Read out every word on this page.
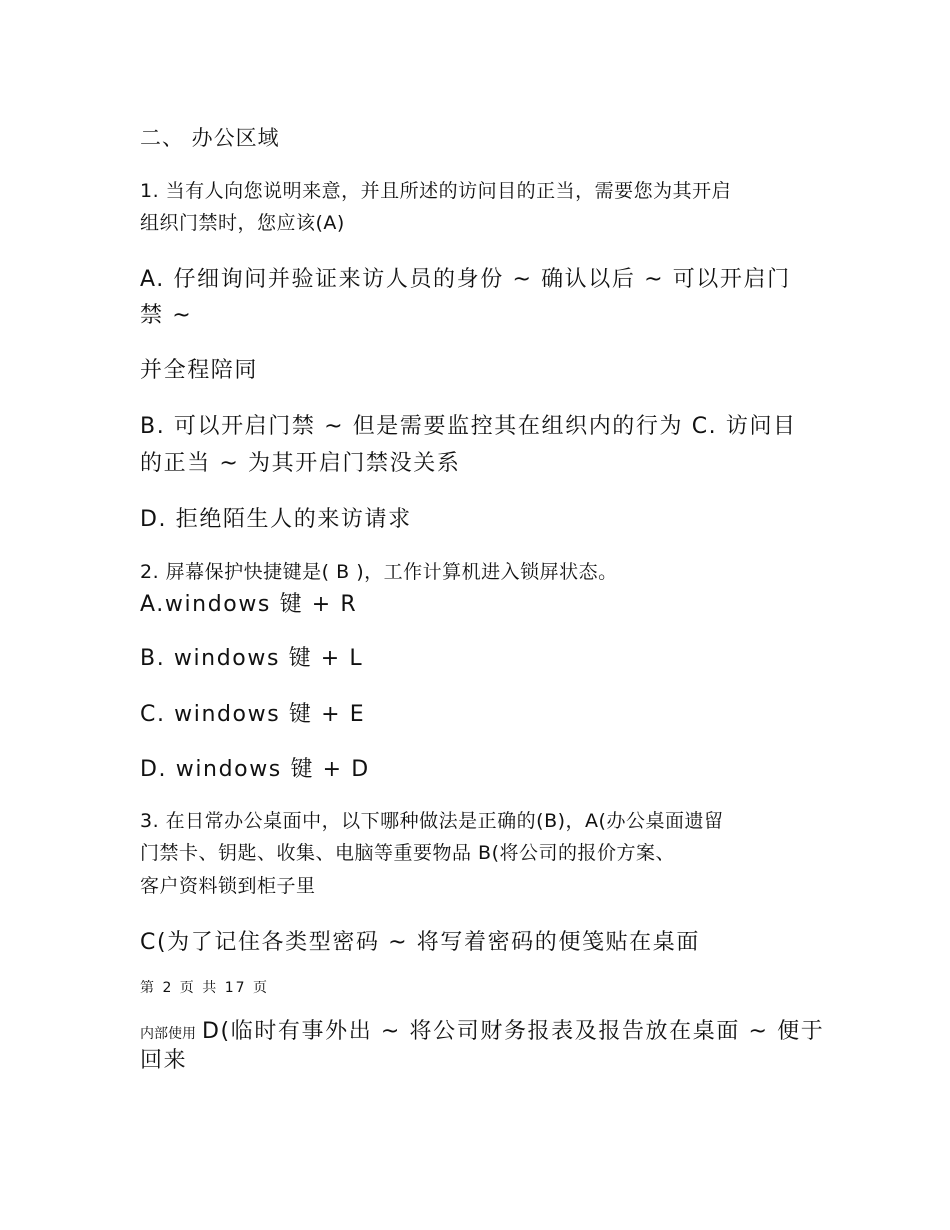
二、 办公区域

1. 当有人向您说明来意，并且所述的访问目的正当，需要您为其开启

组织门禁时，您应该(A)

A. 仔细询问并验证来访人员的身份 ~ 确认以后 ~ 可以开启门

禁 ~

并全程陪同

B. 可以开启门禁 ~ 但是需要监控其在组织内的行为 C. 访问目

的正当 ~ 为其开启门禁没关系

D. 拒绝陌生人的来访请求

2. 屏幕保护快捷键是( B )，工作计算机进入锁屏状态。

A.windows 键 + R

B. windows 键 + L

C. windows 键 + E

D. windows 键 + D

3. 在日常办公桌面中，以下哪种做法是正确的(B)，A(办公桌面遗留

门禁卡、钥匙、收集、电脑等重要物品 B(将公司的报价方案、

客户资料锁到柜子里

C(为了记住各类型密码 ~ 将写着密码的便笺贴在桌面

第 2 页 共 17 页

内部使用 D(临时有事外出 ~ 将公司财务报表及报告放在桌面 ~ 便于

回来
